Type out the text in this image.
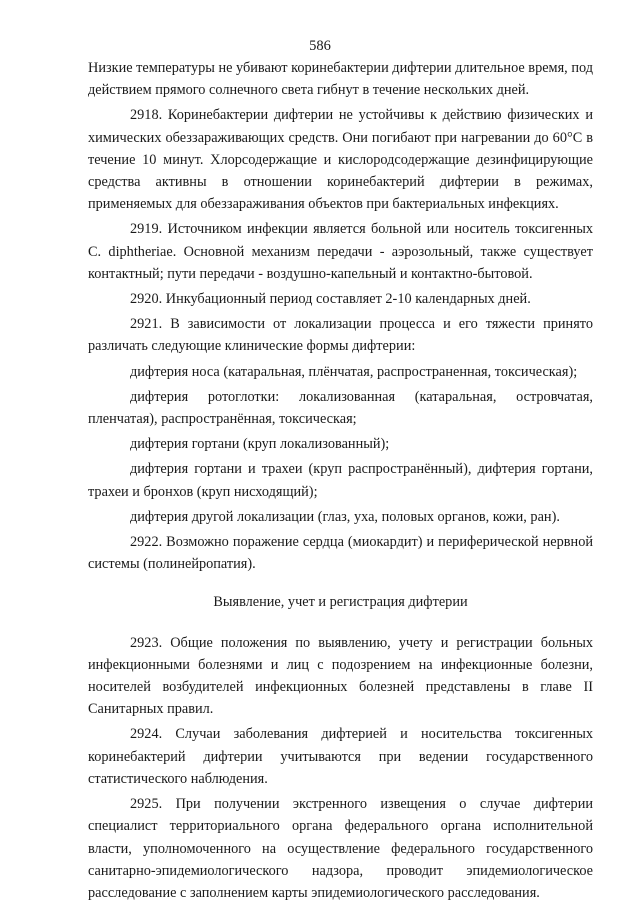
586

Низкие температуры не убивают коринебактерии дифтерии длительное время, под действием прямого солнечного света гибнут в течение нескольких дней.

2918. Коринебактерии дифтерии не устойчивы к действию физических и химических обеззараживающих средств. Они погибают при нагревании до 60°С в течение 10 минут. Хлорсодержащие и кислородсодержащие дезинфицирующие средства активны в отношении коринебактерий дифтерии в режимах, применяемых для обеззараживания объектов при бактериальных инфекциях.

2919. Источником инфекции является больной или носитель токсигенных C. diphtheriae. Основной механизм передачи - аэрозольный, также существует контактный; пути передачи - воздушно-капельный и контактно-бытовой.

2920. Инкубационный период составляет 2-10 календарных дней.

2921. В зависимости от локализации процесса и его тяжести принято различать следующие клинические формы дифтерии:

дифтерия носа (катаральная, плёнчатая, распространенная, токсическая);

дифтерия ротоглотки: локализованная (катаральная, островчатая, пленчатая), распространённая, токсическая;

дифтерия гортани (круп локализованный);

дифтерия гортани и трахеи (круп распространённый), дифтерия гортани, трахеи и бронхов (круп нисходящий);

дифтерия другой локализации (глаз, уха, половых органов, кожи, ран).

2922. Возможно поражение сердца (миокардит) и периферической нервной системы (полинейропатия).

Выявление, учет и регистрация дифтерии

2923. Общие положения по выявлению, учету и регистрации больных инфекционными болезнями и лиц с подозрением на инфекционные болезни, носителей возбудителей инфекционных болезней представлены в главе II Санитарных правил.

2924. Случаи заболевания дифтерией и носительства токсигенных коринебактерий дифтерии учитываются при ведении государственного статистического наблюдения.

2925. При получении экстренного извещения о случае дифтерии специалист территориального органа федерального органа исполнительной власти, уполномоченного на осуществление федерального государственного санитарно-эпидемиологического надзора, проводит эпидемиологическое расследование с заполнением карты эпидемиологического расследования.
